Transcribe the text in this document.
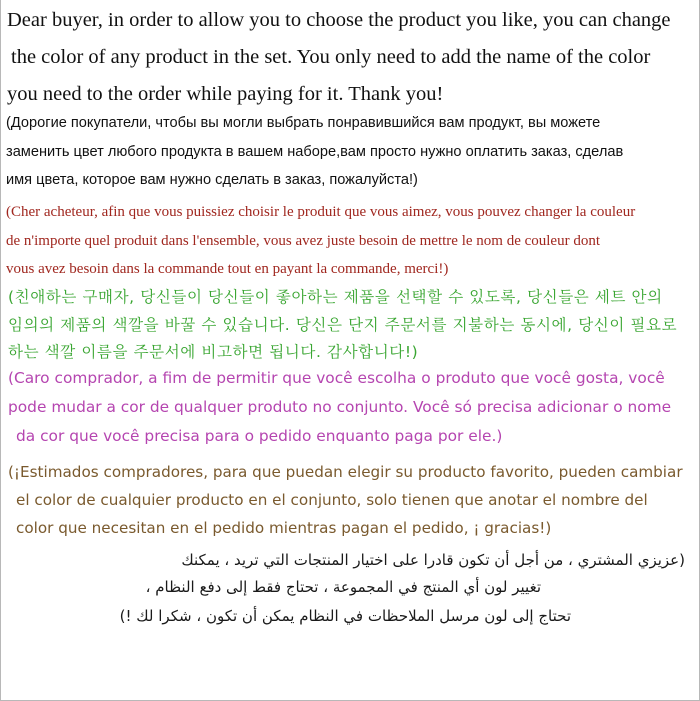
Dear buyer, in order to allow you to choose the product you like, you can change
the color of any product in the set. You only need to add the name of the color
you need to the order while paying for it. Thank you!
(Дорогие покупатели, чтобы вы могли выбрать понравившийся вам продукт, вы можете
заменить цвет любого продукта в вашем наборе,вам просто нужно оплатить заказ, сделав
имя цвета, которое вам нужно сделать в заказ, пожалуйста!)
(Cher acheteur, afin que vous puissiez choisir le produit que vous aimez, vous pouvez changer la couleur
de n'importe quel produit dans l'ensemble, vous avez juste besoin de mettre le nom de couleur dont
vous avez besoin dans la commande tout en payant la commande, merci!)
(친애하는 구매자, 당신들이 당신들이 좋아하는 제품을 선택할 수 있도록, 당신들은 세트 안의
임의의 제품의 색깔을 바꿀 수 있습니다. 당신은 단지 주문서를 지불하는 동시에, 당신이 필요로
하는 색깔 이름을 주문서에 비고하면 됩니다. 감사합니다!)
(Caro comprador, a fim de permitir que você escolha o produto que você gosta, você
pode mudar a cor de qualquer produto no conjunto. Você só precisa adicionar o nome
da cor que você precisa para o pedido enquanto paga por ele.)
(¡Estimados compradores, para que puedan elegir su producto favorito, pueden cambiar
el color de cualquier producto en el conjunto, solo tienen que anotar el nombre del
color que necesitan en el pedido mientras pagan el pedido, ¡ gracias!)
(عزيزي المشتري ، من أجل أن تكون قادرا على اختيار المنتجات التي تريد ، يمكنك
تغيير لون أي المنتج في المجموعة ، تحتاج فقط إلى دفع النظام ،
تحتاج إلى لون مرسل الملاحظات في النظام يمكن أن تكون ، شكرا لك !)
